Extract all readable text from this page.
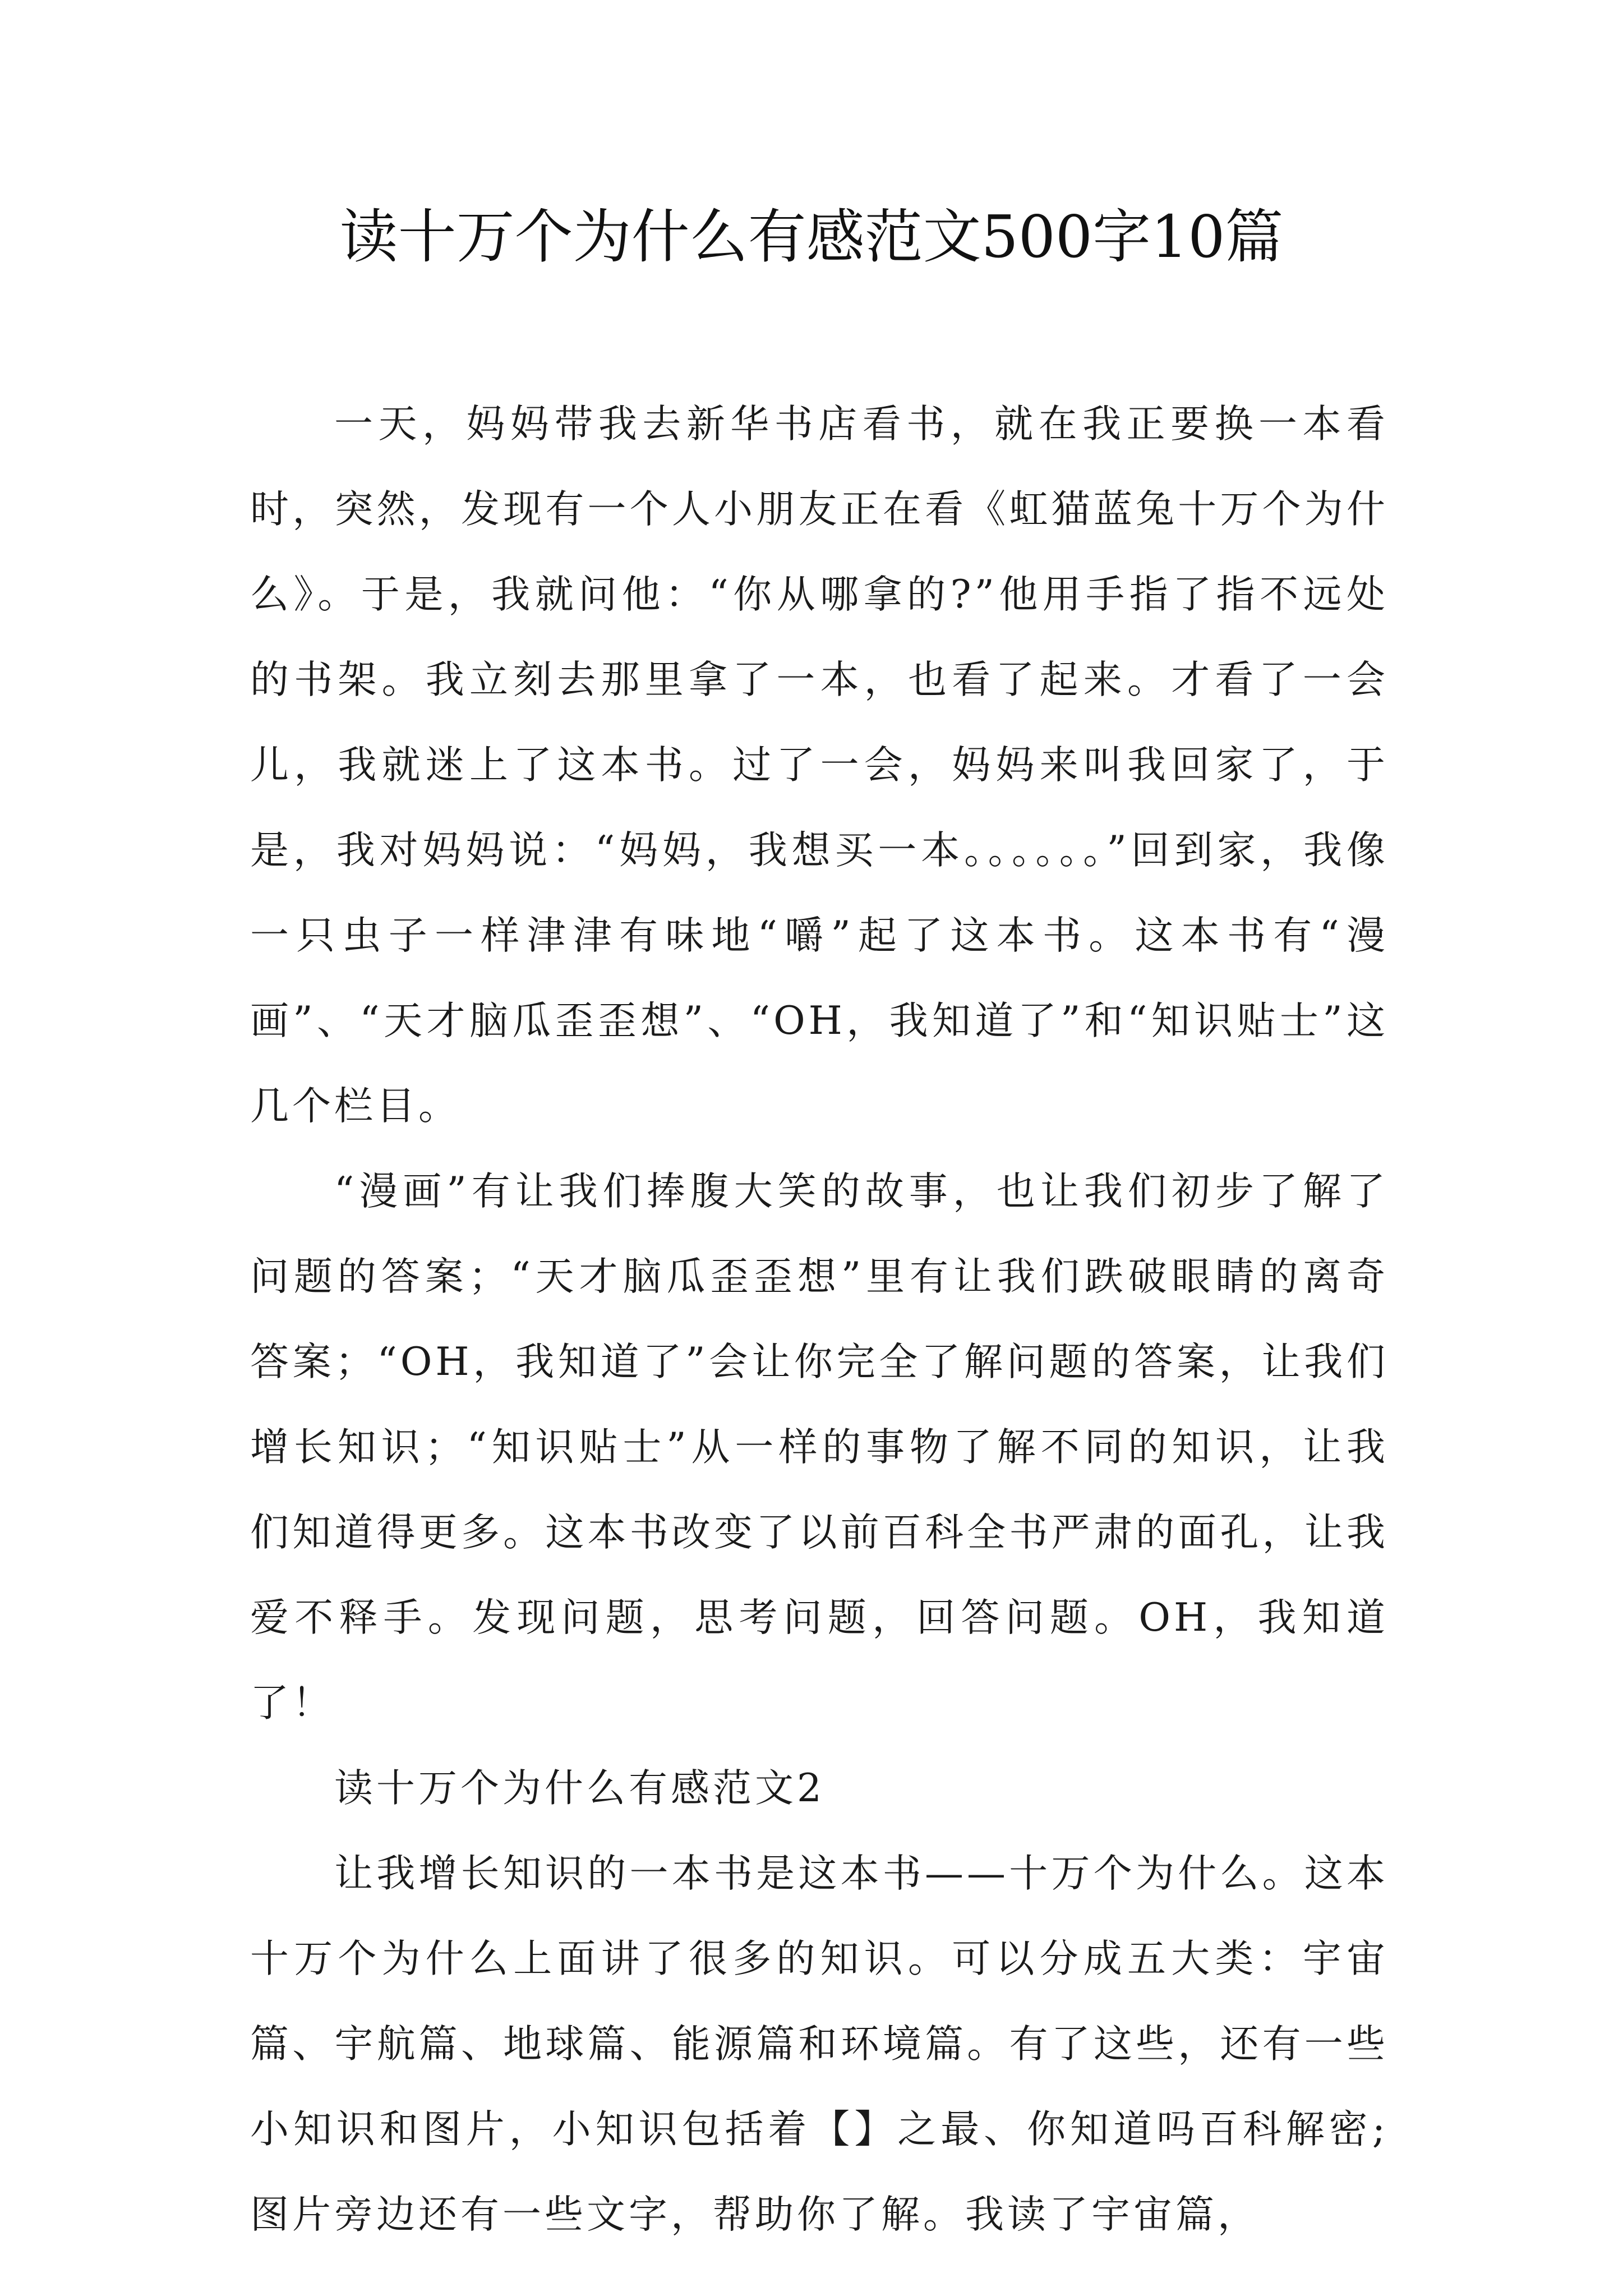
读十万个为什么有感范文500字10篇

一天，妈妈带我去新华书店看书，就在我正要换一本看时，突然，发现有一个人小朋友正在看《虹猫蓝兔十万个为什么》。于是，我就问他：“你从哪拿的?”他用手指了指不远处的书架。我立刻去那里拿了一本，也看了起来。才看了一会儿，我就迷上了这本书。过了一会，妈妈来叫我回家了，于是，我对妈妈说：“妈妈，我想买一本。。。。。。”回到家，我像一只虫子一样津津有味地“嚼”起了这本书。这本书有“漫画”、“天才脑瓜歪歪想”、“OH，我知道了”和“知识贴士”这几个栏目。

“漫画”有让我们捧腹大笑的故事，也让我们初步了解了问题的答案；“天才脑瓜歪歪想”里有让我们跌破眼睛的离奇答案；“OH，我知道了”会让你完全了解问题的答案，让我们增长知识；“知识贴士”从一样的事物了解不同的知识，让我们知道得更多。这本书改变了以前百科全书严肃的面孔，让我爱不释手。发现问题，思考问题，回答问题。OH，我知道了！

读十万个为什么有感范文2

让我增长知识的一本书是这本书——十万个为什么。这本十万个为什么上面讲了很多的知识。可以分成五大类：宇宙篇、宇航篇、地球篇、能源篇和环境篇。有了这些，还有一些小知识和图片，小知识包括着【】之最、你知道吗百科解密;图片旁边还有一些文字，帮助你了解。我读了宇宙篇，
